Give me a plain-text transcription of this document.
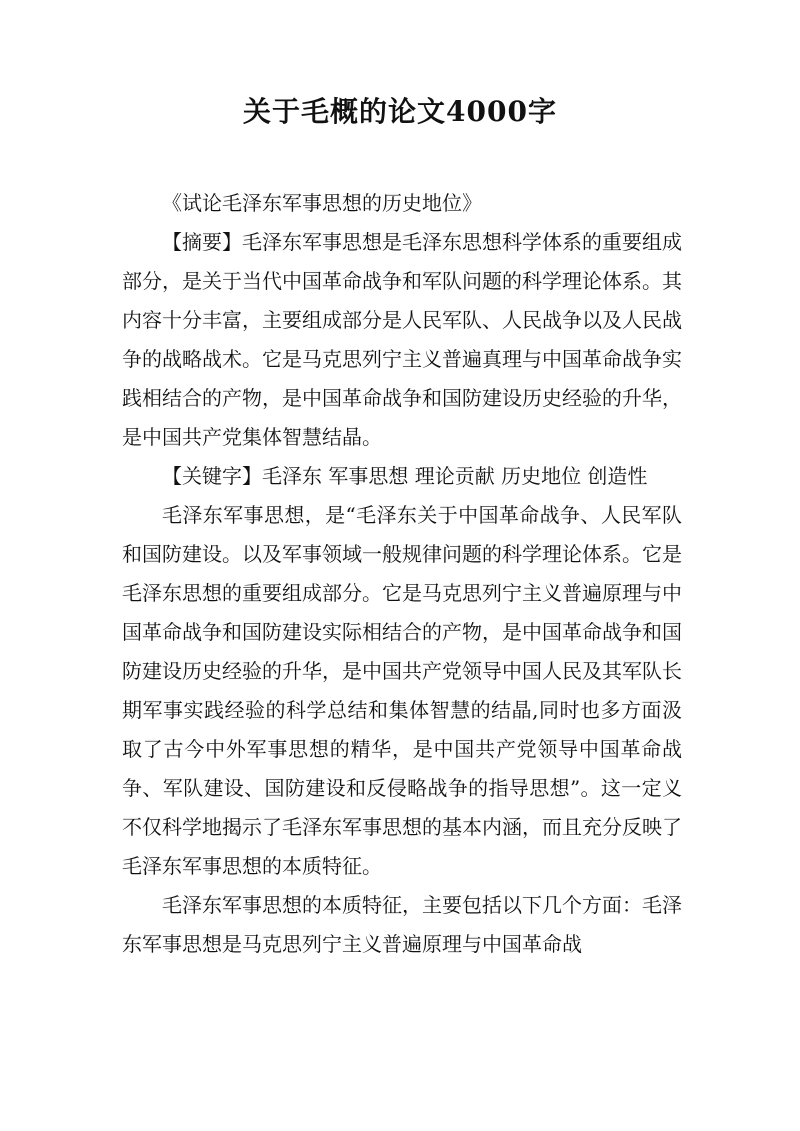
关于毛概的论文4000字

《试论毛泽东军事思想的历史地位》

【摘要】毛泽东军事思想是毛泽东思想科学体系的重要组成部分，是关于当代中国革命战争和军队问题的科学理论体系。其内容十分丰富，主要组成部分是人民军队、人民战争以及人民战争的战略战术。它是马克思列宁主义普遍真理与中国革命战争实践相结合的产物，是中国革命战争和国防建设历史经验的升华，是中国共产党集体智慧结晶。

【关键字】毛泽东 军事思想 理论贡献 历史地位 创造性

毛泽东军事思想，是“毛泽东关于中国革命战争、人民军队和国防建设。以及军事领域一般规律问题的科学理论体系。它是毛泽东思想的重要组成部分。它是马克思列宁主义普遍原理与中国革命战争和国防建设实际相结合的产物，是中国革命战争和国防建设历史经验的升华，是中国共产党领导中国人民及其军队长期军事实践经验的科学总结和集体智慧的结晶,同时也多方面汲取了古今中外军事思想的精华，是中国共产党领导中国革命战争、军队建设、国防建设和反侵略战争的指导思想”。这一定义不仅科学地揭示了毛泽东军事思想的基本内涵，而且充分反映了毛泽东军事思想的本质特征。

毛泽东军事思想的本质特征，主要包括以下几个方面：毛泽东军事思想是马克思列宁主义普遍原理与中国革命战
